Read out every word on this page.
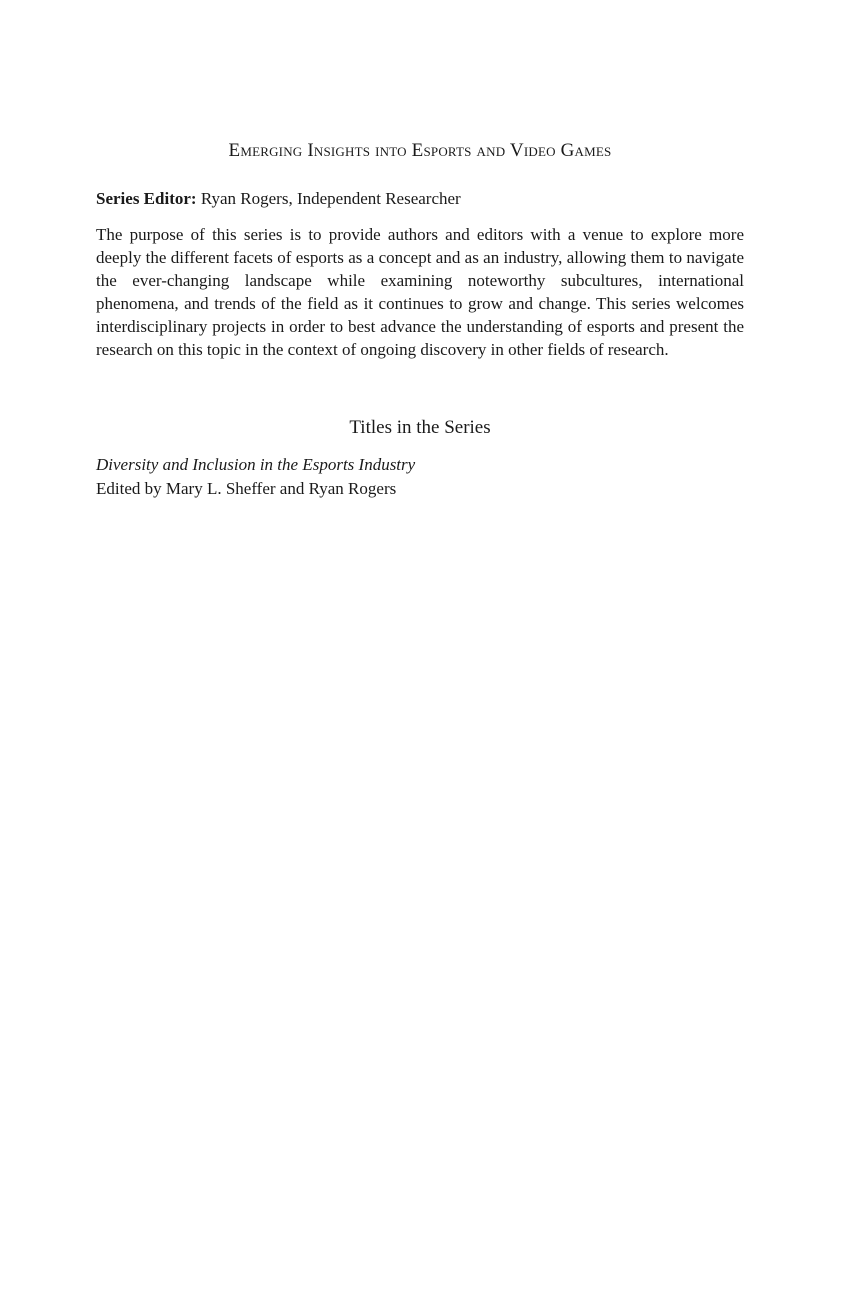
Emerging Insights into Esports and Video Games

Series Editor: Ryan Rogers, Independent Researcher

The purpose of this series is to provide authors and editors with a venue to explore more deeply the different facets of esports as a concept and as an industry, allowing them to navigate the ever-changing landscape while examining noteworthy subcultures, international phenomena, and trends of the field as it continues to grow and change. This series welcomes interdisciplinary projects in order to best advance the understanding of esports and present the research on this topic in the context of ongoing discovery in other fields of research.

Titles in the Series
Diversity and Inclusion in the Esports Industry
Edited by Mary L. Sheffer and Ryan Rogers
